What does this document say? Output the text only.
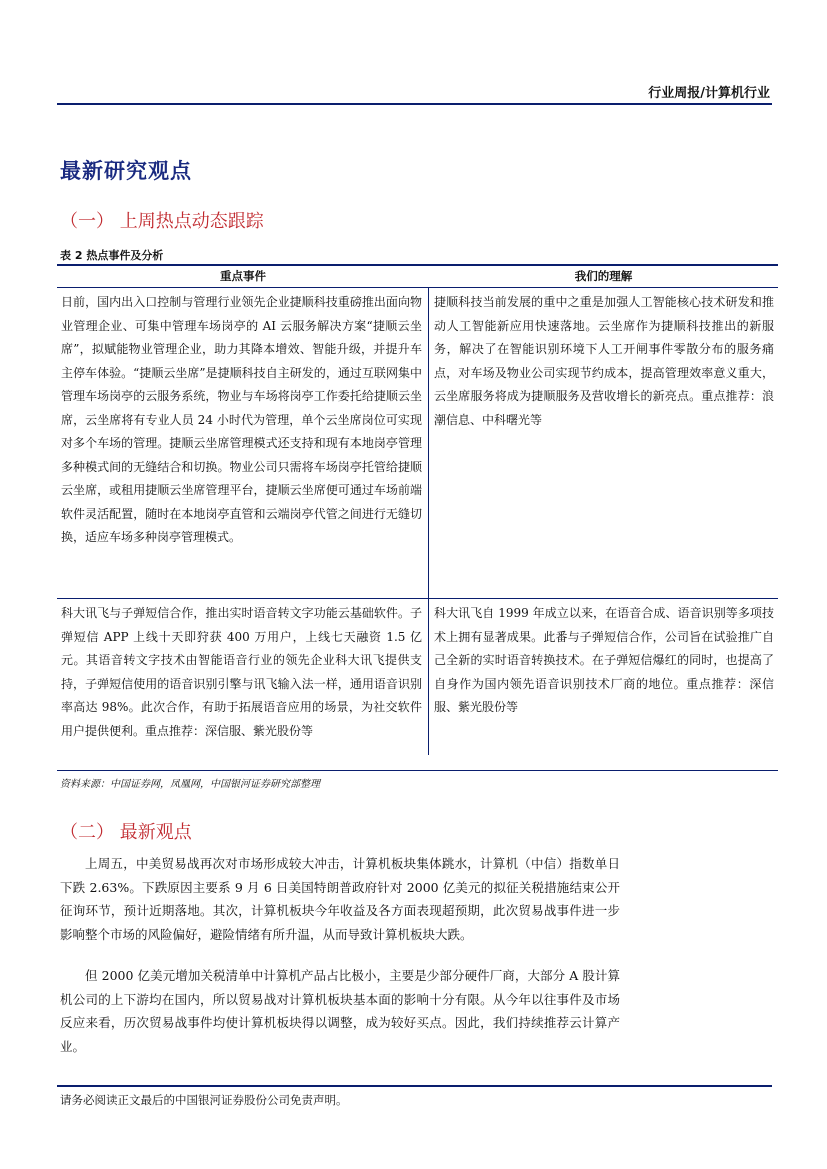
行业周报/计算机行业
最新研究观点
（一） 上周热点动态跟踪
表 2 热点事件及分析
重点事件	我们的理解
日前，国内出入口控制与管理行业领先企业捷顺科技重磅推出面向物业管理企业、可集中管理车场岗亭的 AI 云服务解决方案“捷顺云坐席”，拟赋能物业管理企业，助力其降本增效、智能升级，并提升车主停车体验。“捷顺云坐席”是捷顺科技自主研发的，通过互联网集中管理车场岗亭的云服务系统，物业与车场将岗亭工作委托给捷顺云坐席，云坐席将有专业人员 24 小时代为管理，单个云坐席岗位可实现对多个车场的管理。捷顺云坐席管理模式还支持和现有本地岗亭管理多种模式间的无缝结合和切换。物业公司只需将车场岗亭托管给捷顺云坐席，或租用捷顺云坐席管理平台，捷顺云坐席便可通过车场前端软件灵活配置，随时在本地岗亭直管和云端岗亭代管之间进行无缝切换，适应车场多种岗亭管理模式。
捷顺科技当前发展的重中之重是加强人工智能核心技术研发和推动人工智能新应用快速落地。云坐席作为捷顺科技推出的新服务，解决了在智能识别环境下人工开闸事件零散分布的服务痛点，对车场及物业公司实现节约成本，提高管理效率意义重大，云坐席服务将成为捷顺服务及营收增长的新亮点。重点推荐：浪潮信息、中科曙光等
科大讯飞与子弹短信合作，推出实时语音转文字功能云基础软件。子弹短信 APP 上线十天即狩获 400 万用户，上线七天融资 1.5 亿元。其语音转文字技术由智能语音行业的领先企业科大讯飞提供支持，子弹短信使用的语音识别引擎与讯飞输入法一样，通用语音识别率高达 98%。此次合作，有助于拓展语音应用的场景，为社交软件用户提供便利。重点推荐：深信服、紫光股份等
科大讯飞自 1999 年成立以来，在语音合成、语音识别等多项技术上拥有显著成果。此番与子弹短信合作，公司旨在试验推广自己全新的实时语音转换技术。在子弹短信爆红的同时，也提高了自身作为国内领先语音识别技术厂商的地位。重点推荐：深信服、紫光股份等
资料来源：中国证券网，凤凰网，中国银河证券研究部整理
（二） 最新观点
上周五，中美贸易战再次对市场形成较大冲击，计算机板块集体跳水，计算机（中信）指数单日下跌 2.63%。下跌原因主要系 9 月 6 日美国特朗普政府针对 2000 亿美元的拟征关税措施结束公开征询环节，预计近期落地。其次，计算机板块今年收益及各方面表现超预期，此次贸易战事件进一步影响整个市场的风险偏好，避险情绪有所升温，从而导致计算机板块大跌。
但 2000 亿美元增加关税清单中计算机产品占比极小，主要是少部分硬件厂商，大部分 A 股计算机公司的上下游均在国内，所以贸易战对计算机板块基本面的影响十分有限。从今年以往事件及市场反应来看，历次贸易战事件均使计算机板块得以调整，成为较好买点。因此，我们持续推荐云计算产业。
请务必阅读正文最后的中国银河证券股份公司免责声明。
